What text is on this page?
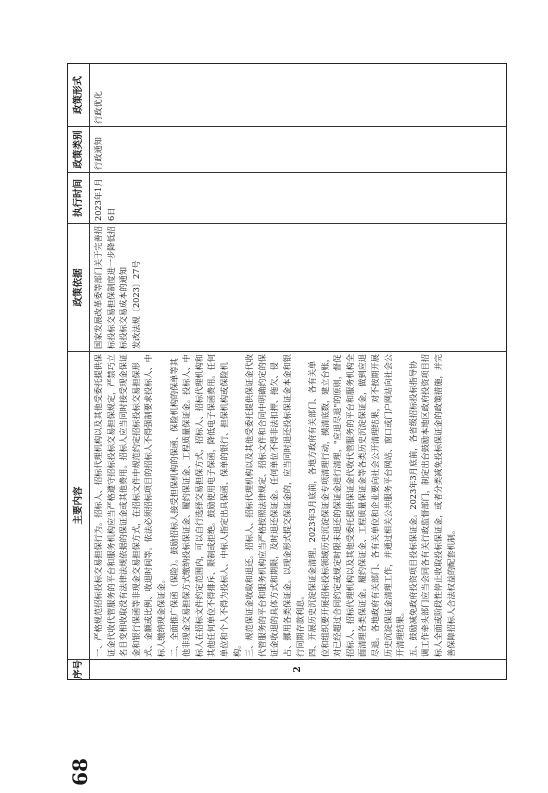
68
序号
主要内容
政策依据
执行时间
政策类别
政策形式
2

一、严格规范招标投标交易担保行为。招标人、招标代理机构以及其他受委托提供保证金代收代管服务的平台和服务机构应当严格遵守招标投标交易担保规定，严禁巧立名目变相收取没有法律法规依据的保证金或其他费用。招标人应当同时接受现金保证金和银行保函等非现金交易担保方式，在招标文件中规范约定招标投标交易担保形式、金额或比例、收退时间等。依法必须招标项目的招标人不得强制要求投标人、中标人缴纳现金保证金。 二、全面推广保函（保险）。鼓励招标人接受担保机构的保函、保险机构的保单等其他非现金交易担保方式缴纳投标保证金、履约保证金、工程质量保证金。投标人、中标人在招标文件约定范围内，可以自行选择交易担保方式，招标人、招标代理机构和其他任何单位不得排斥、限制或拒绝。鼓励使用电子保函，降低电子保函费用。任何单位和个人不得为投标人、中标人指定出具保函、保单的银行、担保机构或保险机构。 三、规范保证金收取和退还。招标人、招标代理机构以及其他受委托提供保证金代收代管服务的平台和服务机构应当严格按照法律规定、招标文件和合同中明确约定的保证金收退的具体方式和期限，及时退还保证金。任何单位不得非法扣押、拖欠、侵占、挪用各类保证金。以现金形式提交保证金的，应当同时退还投标保证金本金和银行同期存款利息。 四、开展历史沉淀保证金清理。2023年3月底前，各地方政府有关部门、各有关单位和组织要开展招标投标领域历史沉淀保证金专项清理行动，摸清底数，建立台账，对已经超过合同约定或规定时限未退还的保证金进行清理，"应退尽退"的原则，督促招标人、招标代理机构以及其他受委托提供保证金代收代管服务的平台和服务机构全面清理各类保证金。履约保证金、工程质量保证金等各类历史沉淀保证金，做到应退尽退。各地政府有关部门、各有关单位和企业要向社会公开清理结果，对不按期开展历史沉淀保证金清理工作，并通过相关公共服务平台网站、窗口或门户网站向社会公开清理结果。 五、鼓励减免政府投资项目投标保证金。2023年3月底前，各省级招标投标指导协调工作牵头部门应当会同各有关行政监督部门，制定出台鼓励本地区政府投资项目招标人全面或阶段性停止收取投标保证金，或者分类减免投标保证金的政策措施，并完善保障招标人合法权益的配套机制。

国家发展改革委等部门关于完善招标投标交易担保制度进一步降低招标投标交易成本的通知 发改法规〔2023〕27号

2023年1月6日
行政通知
行政优化
